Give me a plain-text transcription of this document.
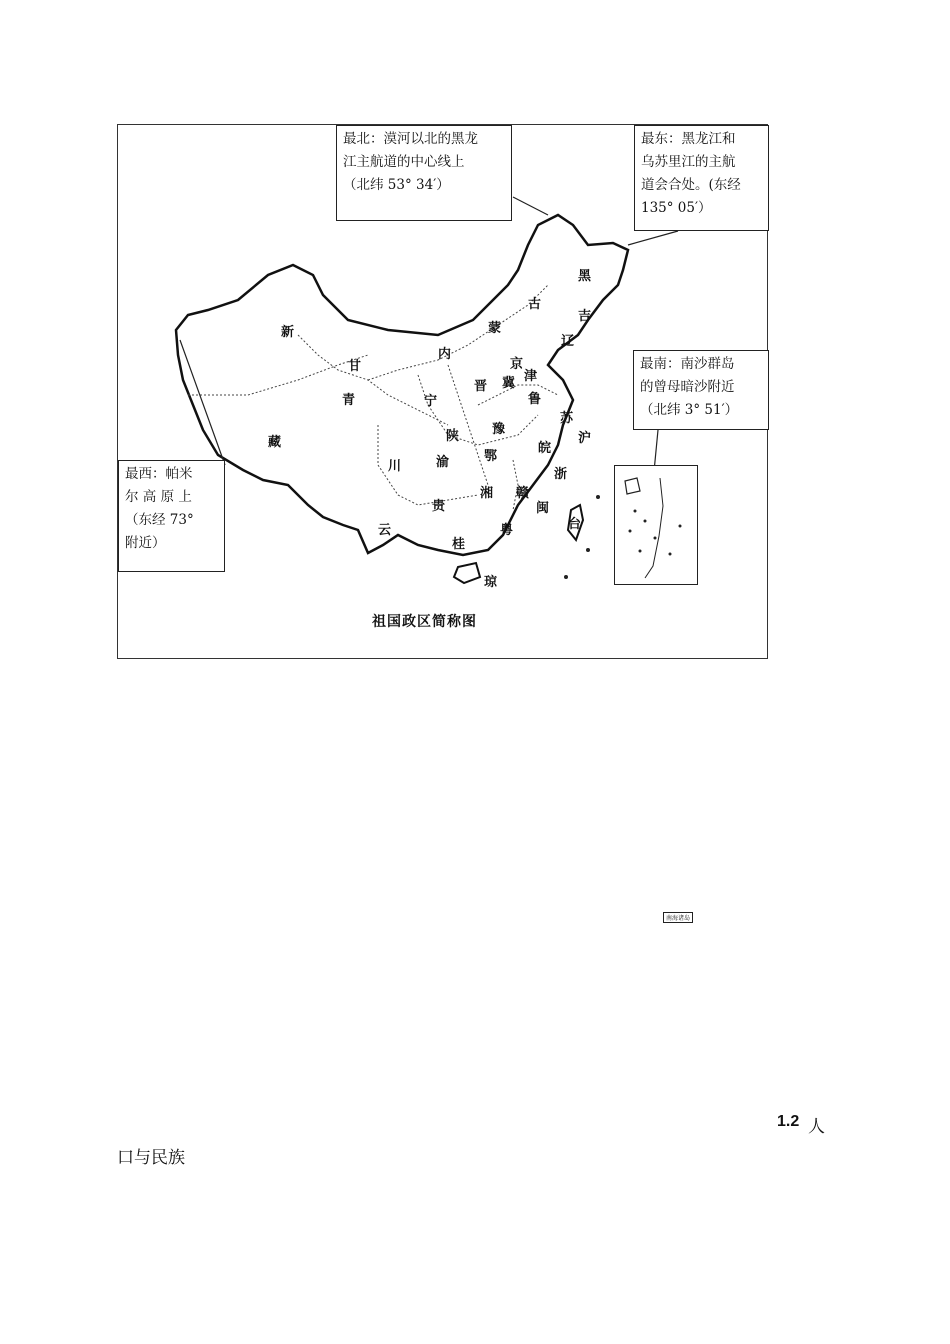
最北：漠河以北的黑龙
江主航道的中心线上
（北纬 53° 34′）
最东：黑龙江和
乌苏里江的主航
道会合处。(东经
135° 05′）
最南：南沙群岛
的曾母暗沙附近
（北纬 3° 51′）
最西：帕米
尔 高 原 上
（东经 73°
附近）
新
甘
内
蒙
古
黑
吉
辽
京
津
晋 冀
宁
青
藏	陕	豫
鲁
苏
沪
皖
川	渝	鄂
浙
湘 赣
闽
台
贵
云
桂
粤
琼
南海诸岛
祖国政区简称图
1.2 人
口与民族
